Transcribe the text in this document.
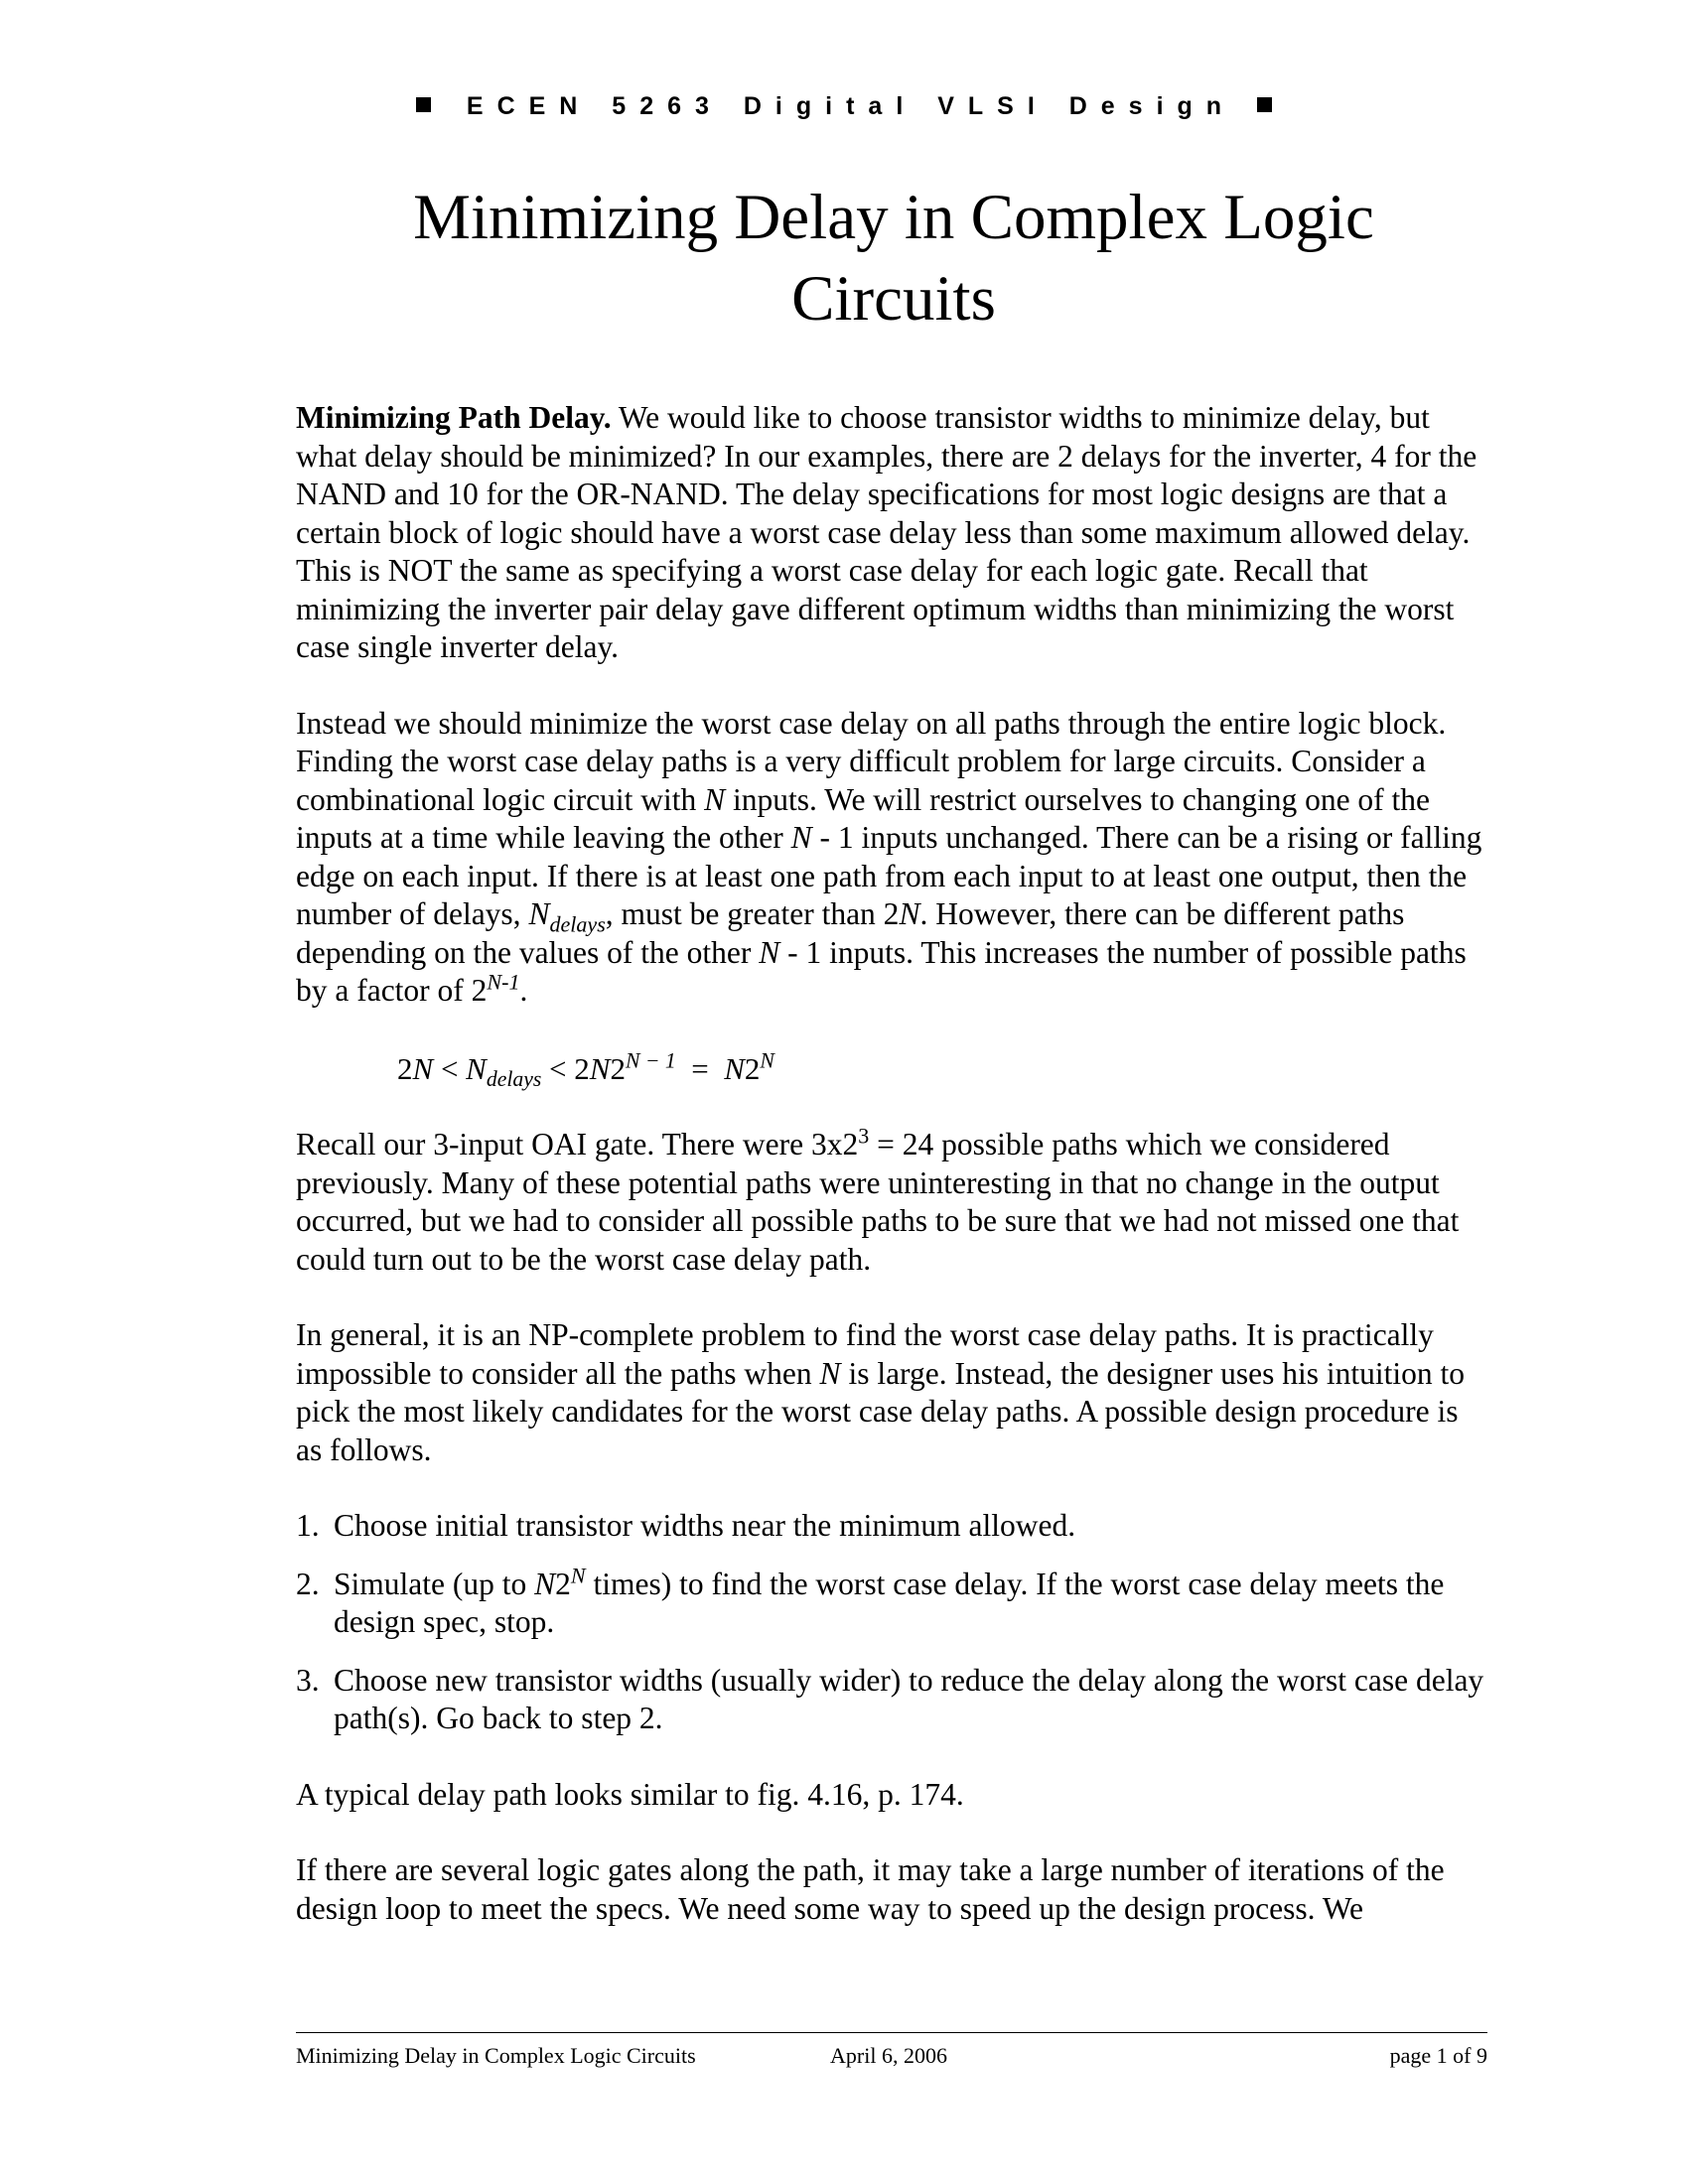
ECEN 5263 Digital VLSI Design
Minimizing Delay in Complex Logic
Circuits

Minimizing Path Delay. We would like to choose transistor widths to minimize delay, but what delay should be minimized? In our examples, there are 2 delays for the inverter, 4 for the NAND and 10 for the OR-NAND. The delay specifications for most logic designs are that a certain block of logic should have a worst case delay less than some maximum allowed delay. This is NOT the same as specifying a worst case delay for each logic gate. Recall that minimizing the inverter pair delay gave different optimum widths than minimizing the worst case single inverter delay.

Instead we should minimize the worst case delay on all paths through the entire logic block. Finding the worst case delay paths is a very difficult problem for large circuits. Consider a combinational logic circuit with N inputs. We will restrict ourselves to changing one of the inputs at a time while leaving the other N - 1 inputs unchanged. There can be a rising or falling edge on each input. If there is at least one path from each input to at least one output, then the number of delays, $N_{delays}$, must be greater than 2N. However, there can be different paths depending on the values of the other N - 1 inputs. This increases the number of possible paths by a factor of $2^{N-1}$.

$2N < N_{delays} < 2N2^{N - 1} = N2^N$

Recall our 3-input OAI gate. There were $3x2^3 = 24$ possible paths which we considered previously. Many of these potential paths were uninteresting in that no change in the output occurred, but we had to consider all possible paths to be sure that we had not missed one that could turn out to be the worst case delay path.

In general, it is an NP-complete problem to find the worst case delay paths. It is practically impossible to consider all the paths when N is large. Instead, the designer uses his intuition to pick the most likely candidates for the worst case delay paths. A possible design procedure is as follows.

1. Choose initial transistor widths near the minimum allowed.
2. Simulate (up to $N2^N$ times) to find the worst case delay. If the worst case delay meets the design spec, stop.
3. Choose new transistor widths (usually wider) to reduce the delay along the worst case delay path(s). Go back to step 2.

A typical delay path looks similar to fig. 4.16, p. 174.

If there are several logic gates along the path, it may take a large number of iterations of the design loop to meet the specs. We need some way to speed up the design process. We

Minimizing Delay in Complex Logic Circuits	April 6, 2006	page 1 of 9
